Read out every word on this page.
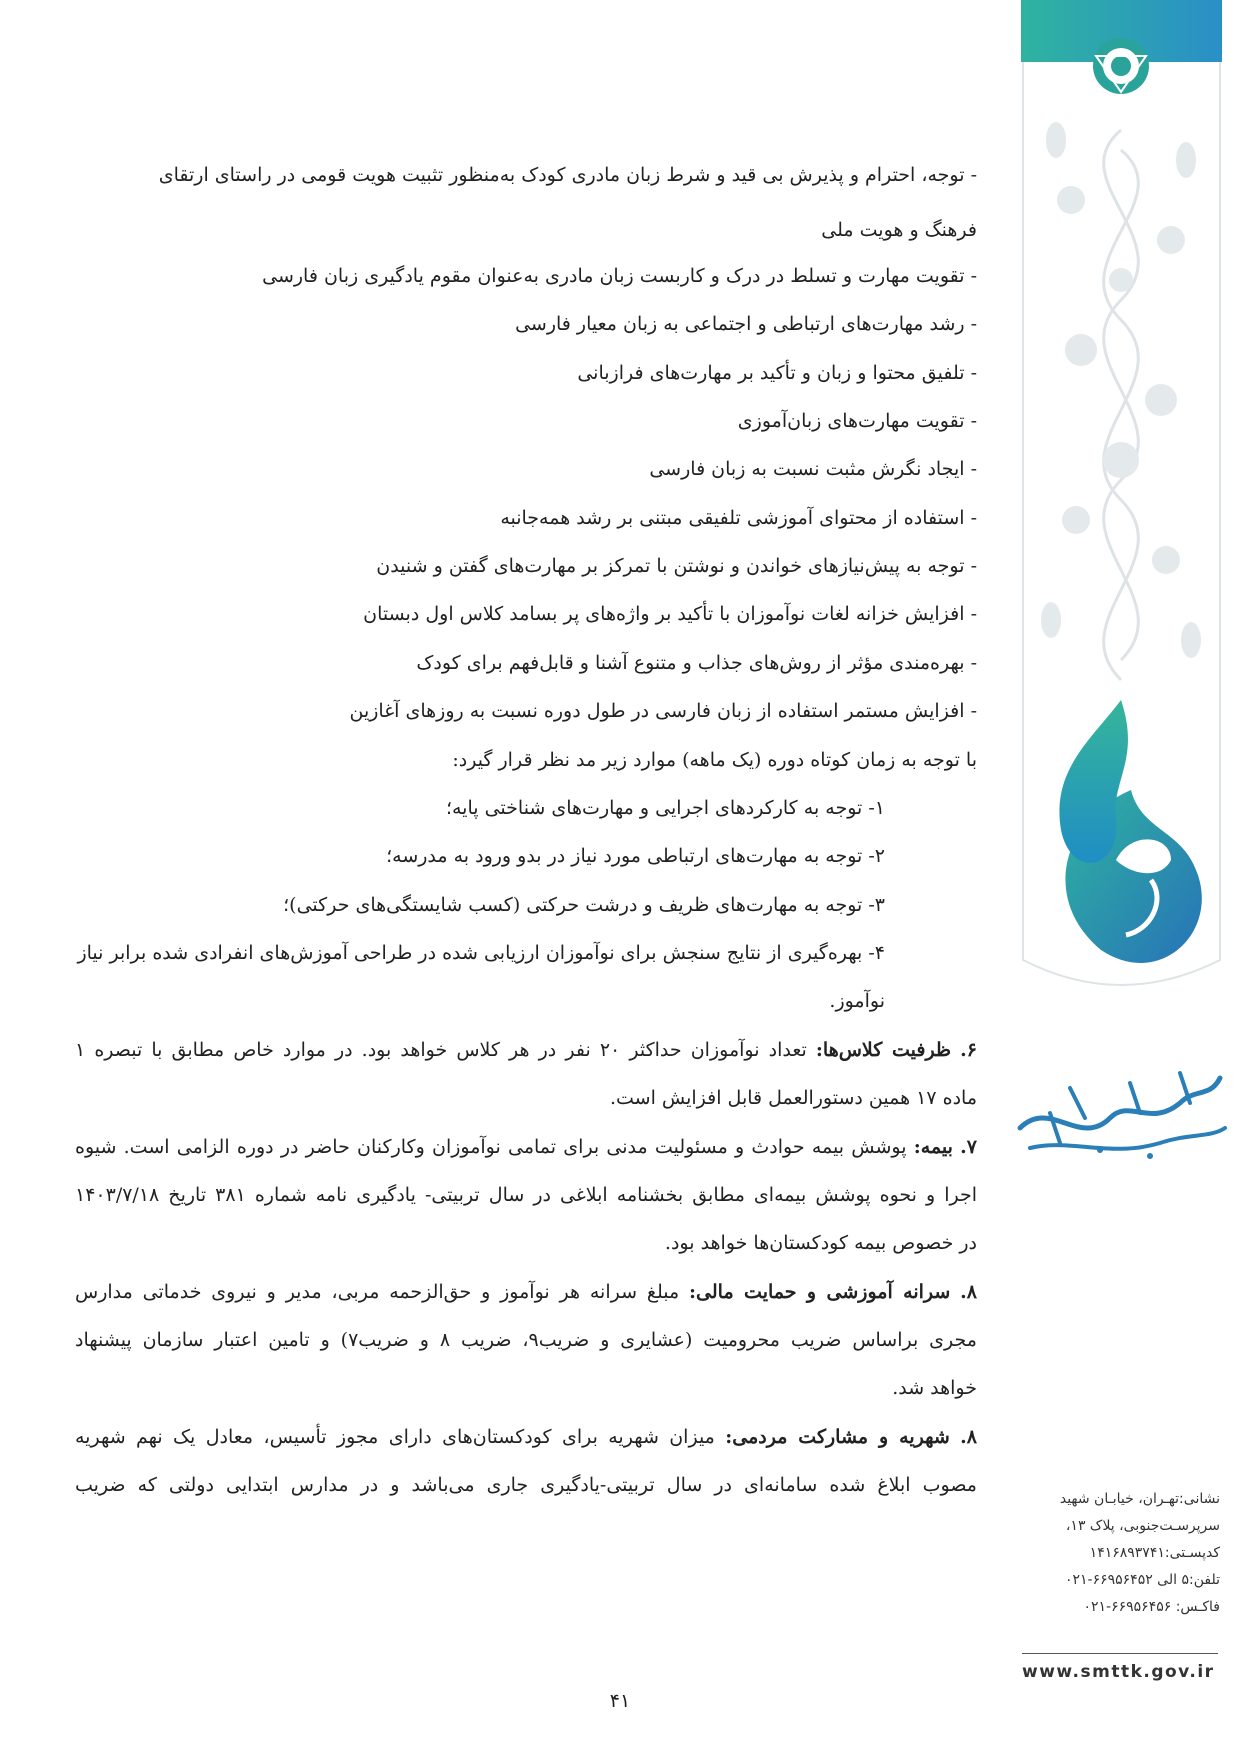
- توجه، احترام و پذیرش بی قید و شرط زبان مادری کودک به‌منظور تثبیت هویت قومی در راستای ارتقای
فرهنگ و هویت ملی
- تقویت مهارت و تسلط در درک و کاربست زبان مادری به‌عنوان مقوم یادگیری زبان فارسی
- رشد مهارت‌های ارتباطی و اجتماعی به زبان معیار فارسی
- تلفیق محتوا و زبان و تأکید بر مهارت‌های فرازبانی
- تقویت مهارت‌های زبان‌آموزی
- ایجاد نگرش مثبت نسبت به زبان فارسی
- استفاده از محتوای آموزشی تلفیقی مبتنی بر رشد همه‌جانبه
- توجه به پیش‌نیازهای خواندن و نوشتن با تمرکز بر مهارت‌های گفتن و شنیدن
- افزایش خزانه لغات نوآموزان با تأکید بر واژه‌های پر بسامد کلاس اول دبستان
- بهره‌مندی مؤثر از روش‌های جذاب و متنوع آشنا و قابل‌فهم برای کودک
- افزایش مستمر استفاده از زبان فارسی در طول دوره نسبت به روزهای آغازین
با توجه به زمان کوتاه دوره (یک ماهه) موارد زیر مد نظر قرار گیرد:
۱- توجه به کارکردهای اجرایی و مهارت‌های شناختی پایه؛
۲- توجه به مهارت‌های ارتباطی مورد نیاز در بدو ورود به مدرسه؛
۳- توجه به مهارت‌های ظریف و درشت حرکتی (کسب شایستگی‌های حرکتی)؛
۴- بهره‌گیری از نتایج سنجش برای نوآموزان ارزیابی شده در طراحی آموزش‌های انفرادی شده برابر نیاز
نوآموز.
۶. ظرفیت کلاس‌ها: تعداد نوآموزان حداکثر ۲۰ نفر در هر کلاس خواهد بود. در موارد خاص مطابق با تبصره ۱
ماده ۱۷ همین دستورالعمل قابل افزایش است.
۷. بیمه: پوشش بیمه حوادث و مسئولیت مدنی برای تمامی نوآموزان وکارکنان حاضر در دوره الزامی است. شیوه
اجرا و نحوه پوشش بیمه‌ای مطابق بخشنامه ابلاغی در سال تربیتی- یادگیری نامه شماره ۳۸۱ تاریخ ۱۴۰۳/۷/۱۸
در خصوص بیمه کودکستان‌ها خواهد بود.
۸. سرانه آموزشی و حمایت مالی: مبلغ سرانه هر نوآموز و حق‌الزحمه مربی، مدیر و نیروی خدماتی مدارس
مجری براساس ضریب محرومیت (عشایری و ضریب۹، ضریب ۸ و ضریب۷) و تامین اعتبار سازمان پیشنهاد
خواهد شد.
۸. شهریه و مشارکت مردمی: میزان شهریه برای کودکستان‌های دارای مجوز تأسیس، معادل یک نهم شهریه
مصوب ابلاغ شده سامانه‌ای در سال تربیتی-یادگیری جاری می‌باشد و در مدارس ابتدایی دولتی که ضریب
نشانی:تهـران، خیابـان شهید
سرپرسـت‌جنوبی، پلاک ۱۳،
کدپسـتی:۱۴۱۶۸۹۳۷۴۱
تلفن:۵ الی ۶۶۹۵۶۴۵۲-۰۲۱
فاکـس: ۶۶۹۵۶۴۵۶-۰۲۱
www.smttk.gov.ir
۴۱
